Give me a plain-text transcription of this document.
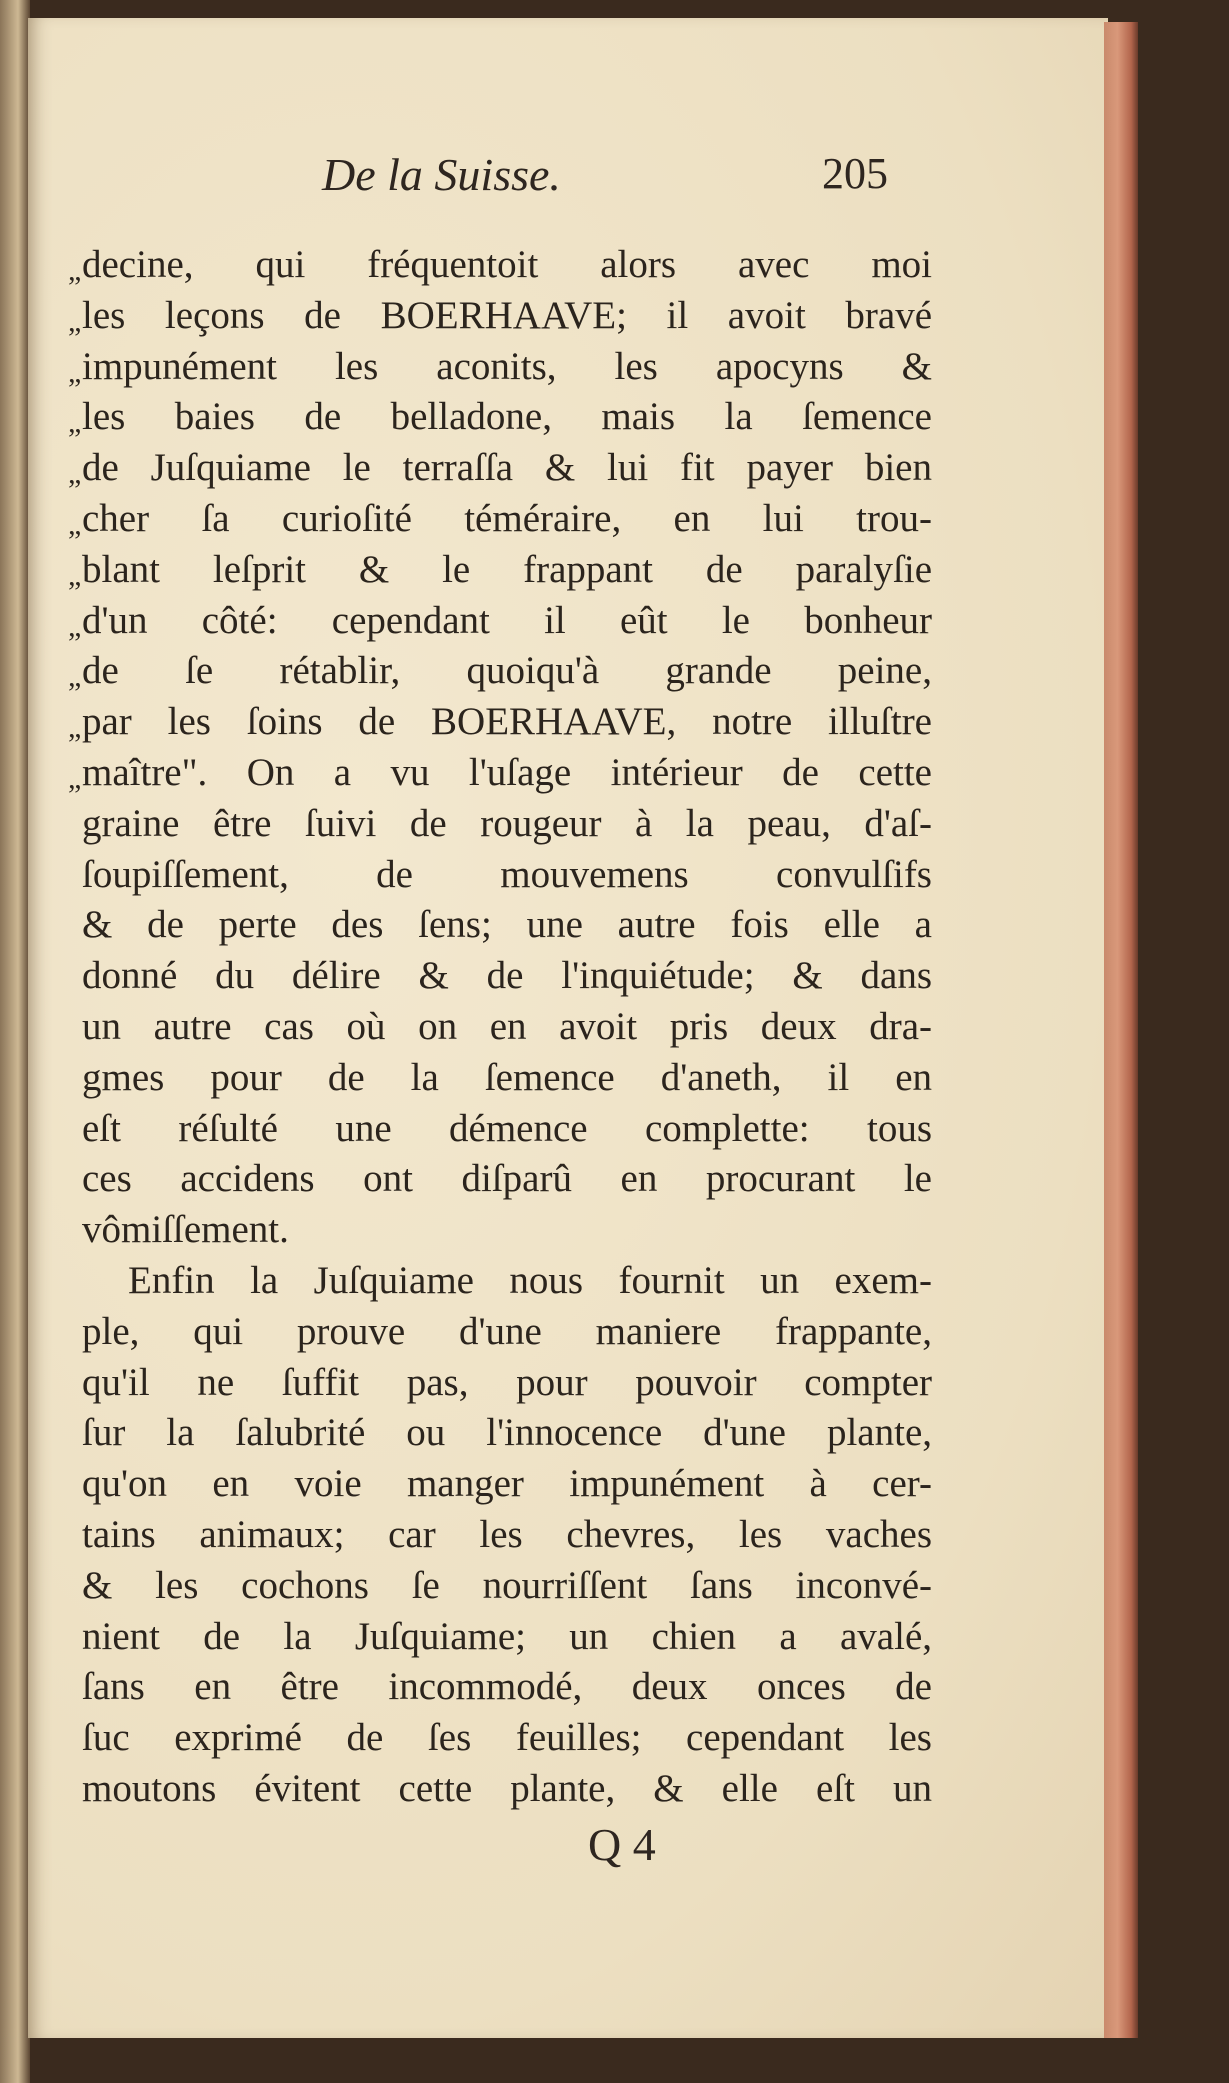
De la Suisse.	205
„ decine, qui fréquentoit alors avec moi
„ les leçons de BOERHAAVE; il avoit bravé
„ impunément les aconits, les apocyns &
„ les baies de belladone, mais la ſemence
„ de Juſquiame le terraſſa & lui fit payer bien
„ cher ſa curioſité téméraire, en lui trou-
„ blant leſprit & le frappant de paralyſie
„ d'un côté: cependant il eût le bonheur
„ de ſe rétablir, quoiqu'à grande peine,
„ par les ſoins de BOERHAAVE, notre illuſtre
„ maître". On a vu l'uſage intérieur de cette
graine être ſuivi de rougeur à la peau, d'aſ-
ſoupiſſement, de mouvemens convulſifs
& de perte des ſens; une autre fois elle a
donné du délire & de l'inquiétude; & dans
un autre cas où on en avoit pris deux dra-
gmes pour de la ſemence d'aneth, il en
eſt réſulté une démence complette: tous
ces accidens ont diſparû en procurant le
vômiſſement.
Enfin la Juſquiame nous fournit un exem-
ple, qui prouve d'une maniere frappante,
qu'il ne ſuffit pas, pour pouvoir compter
ſur la ſalubrité ou l'innocence d'une plante,
qu'on en voie manger impunément à cer-
tains animaux; car les chevres, les vaches
& les cochons ſe nourriſſent ſans inconvé-
nient de la Juſquiame; un chien a avalé,
ſans en être incommodé, deux onces de
ſuc exprimé de ſes feuilles; cependant les
moutons évitent cette plante, & elle eſt un
Q 4
